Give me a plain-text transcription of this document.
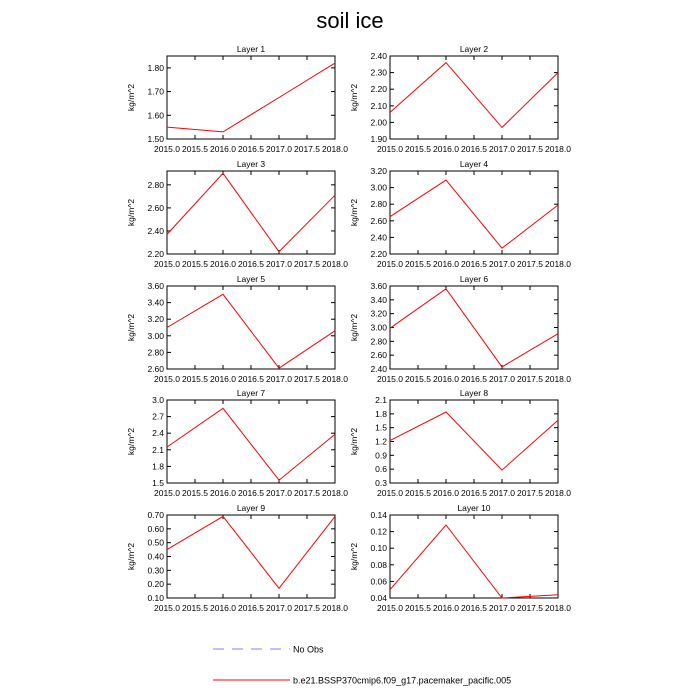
soil ice
Layer 1
2015.0 2015.5 2016.0 2016.5 2017.0 2017.5 2018.0
1.50
1.60
1.70
1.80
kg/m^2
Layer 2
2015.0 2015.5 2016.0 2016.5 2017.0 2017.5 2018.0
1.90
2.00
2.10
2.20
2.30
2.40
kg/m^2
Layer 3
2015.0 2015.5 2016.0 2016.5 2017.0 2017.5 2018.0
2.20
2.40
2.60
2.80
kg/m^2
Layer 4
2015.0 2015.5 2016.0 2016.5 2017.0 2017.5 2018.0
2.20
2.40
2.60
2.80
3.00
3.20
kg/m^2
Layer 5
2015.0 2015.5 2016.0 2016.5 2017.0 2017.5 2018.0
2.60
2.80
3.00
3.20
3.40
3.60
kg/m^2
Layer 6
2015.0 2015.5 2016.0 2016.5 2017.0 2017.5 2018.0
2.40
2.60
2.80
3.00
3.20
3.40
3.60
kg/m^2
Layer 7
2015.0 2015.5 2016.0 2016.5 2017.0 2017.5 2018.0
1.5
1.8
2.1
2.4
2.7
3.0
kg/m^2
Layer 8
2015.0 2015.5 2016.0 2016.5 2017.0 2017.5 2018.0
0.3
0.6
0.9
1.2
1.5
1.8
2.1
kg/m^2
Layer 9
2015.0 2015.5 2016.0 2016.5 2017.0 2017.5 2018.0
0.10
0.20
0.30
0.40
0.50
0.60
0.70
kg/m^2
Layer 10
2015.0 2015.5 2016.0 2016.5 2017.0 2017.5 2018.0
0.04
0.06
0.08
0.10
0.12
0.14
kg/m^2
No Obs
b.e21.BSSP370cmip6.f09_g17.pacemaker_pacific.005
